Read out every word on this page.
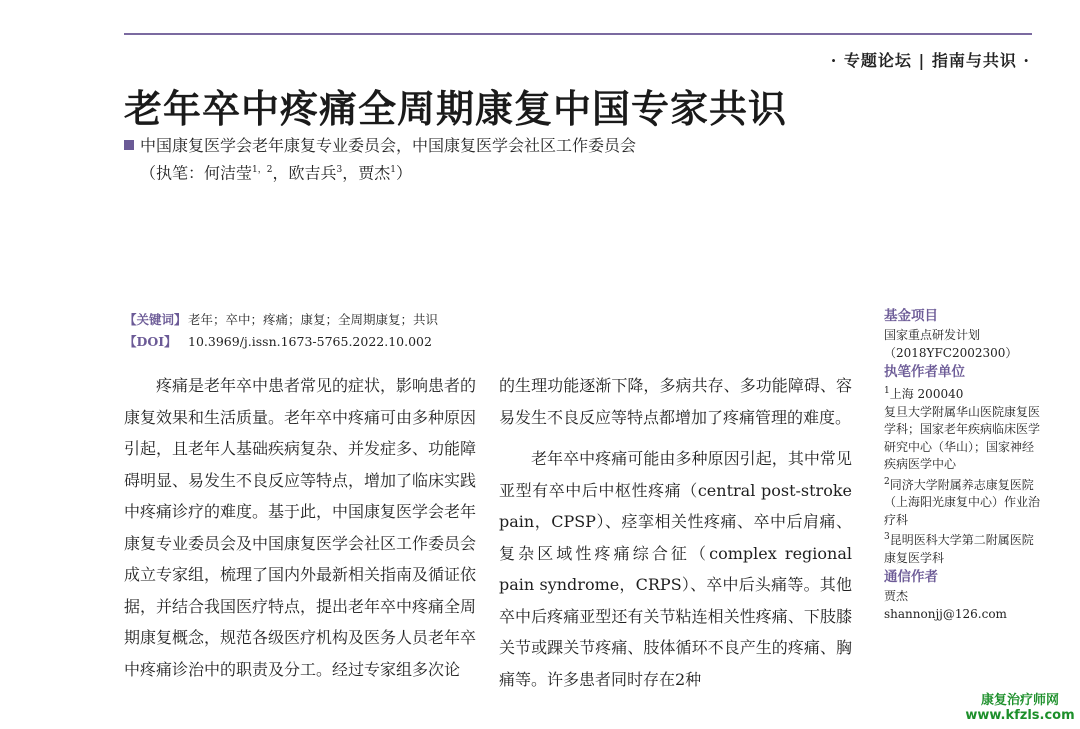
· 专题论坛 | 指南与共识 ·
老年卒中疼痛全周期康复中国专家共识
中国康复医学会老年康复专业委员会，中国康复医学会社区工作委员会
（执笔：何洁莹$^{1,2}$，欧吉兵$^3$，贾杰$^1$）
【关键词】老年；卒中；疼痛；康复；全周期康复；共识
【DOI】 10.3969/j.issn.1673-5765.2022.10.002

疼痛是老年卒中患者常见的症状，影响患者的康复效果和生活质量。老年卒中疼痛可由多种原因引起，且老年人基础疾病复杂、并发症多、功能障碍明显、易发生不良反应等特点，增加了临床实践中疼痛诊疗的难度。基于此，中国康复医学会老年康复专业委员会及中国康复医学会社区工作委员会成立专家组，梳理了国内外最新相关指南及循证依据，并结合我国医疗特点，提出老年卒中疼痛全周期康复概念，规范各级医疗机构及医务人员老年卒中疼痛诊治中的职责及分工。经过专家组多次论

的生理功能逐渐下降，多病共存、多功能障碍、容易发生不良反应等特点都增加了疼痛管理的难度。

老年卒中疼痛可能由多种原因引起，其中常见亚型有卒中后中枢性疼痛（central post-stroke pain，CPSP）、痉挛相关性疼痛、卒中后肩痛、复杂区域性疼痛综合征（complex regional pain syndrome，CRPS）、卒中后头痛等。其他卒中后疼痛亚型还有关节粘连相关性疼痛、下肢膝关节或踝关节疼痛、肢体循环不良产生的疼痛、胸痛等。许多患者同时存在2种

基金项目

国家重点研发计划

（2018YFC2002300）

执笔作者单位

$^1$上海 200040

复旦大学附属华山医院康复医学科；国家老年疾病临床医学研究中心（华山）；国家神经疾病医学中心

$^2$同济大学附属养志康复医院（上海阳光康复中心）作业治疗科

$^3$昆明医科大学第二附属医院康复医学科

通信作者

贾杰

shannonjj@126.com

康复治疗师网
www.kfzls.com
